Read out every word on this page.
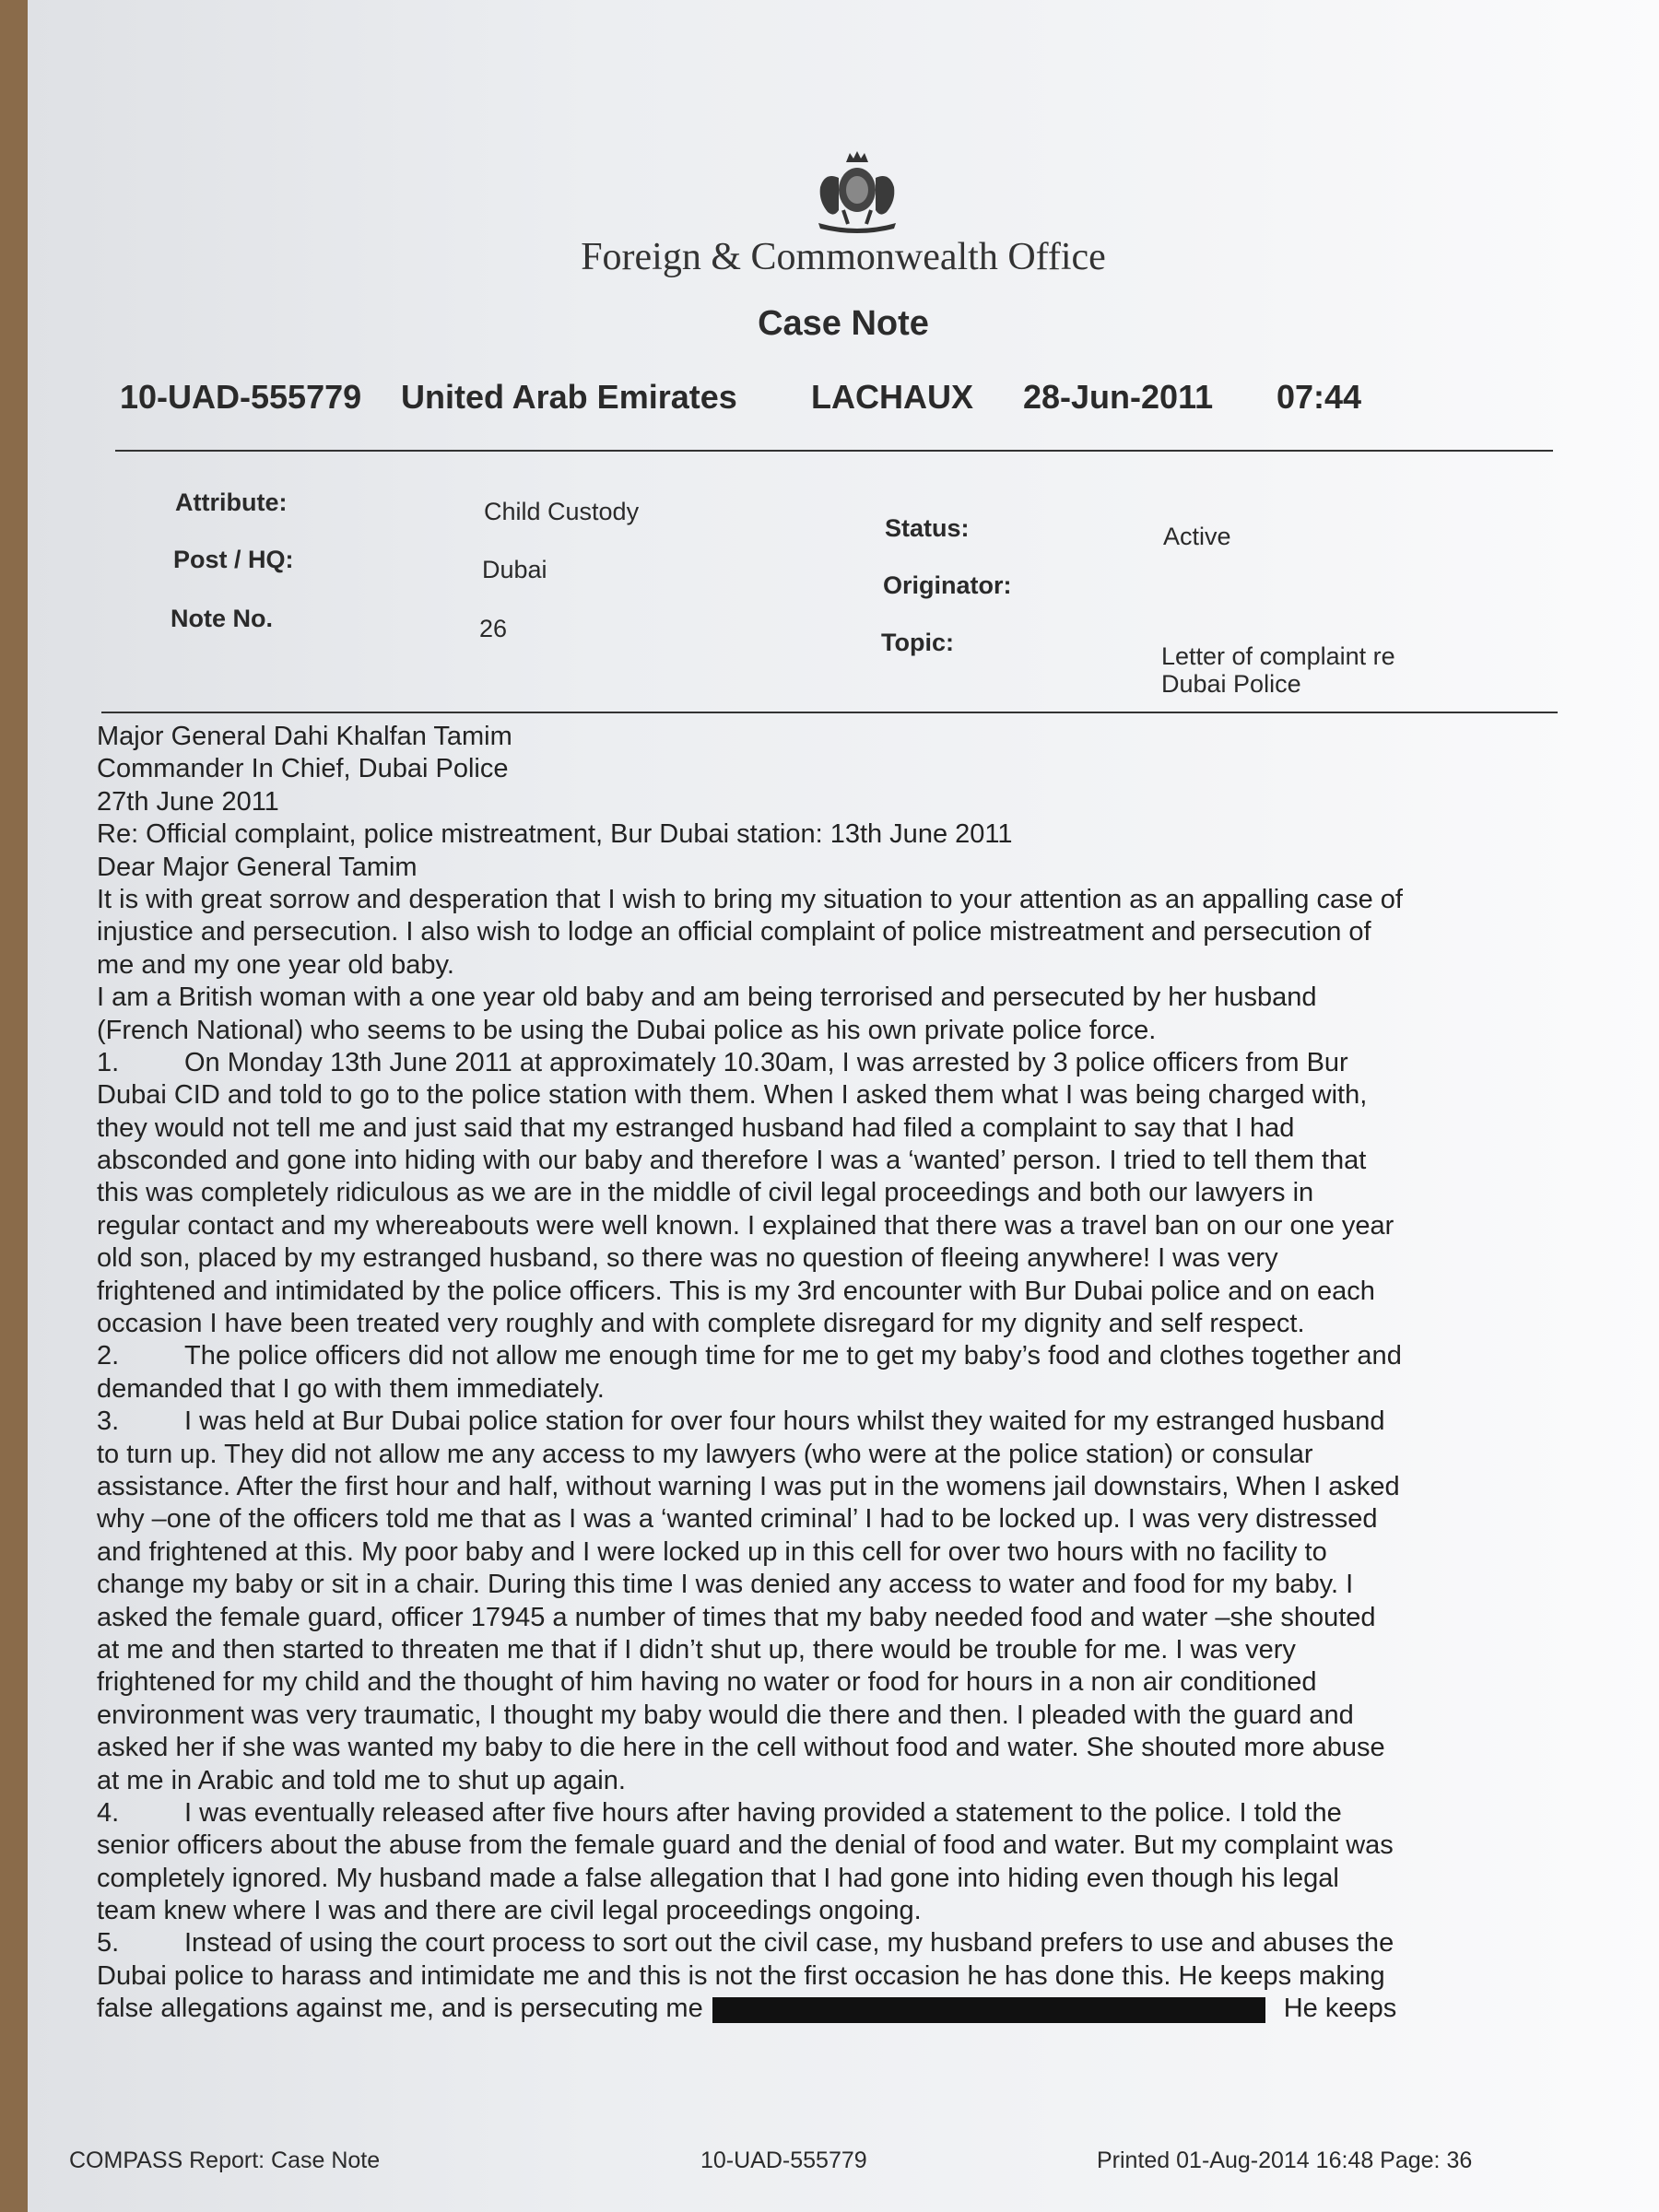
Foreign & Commonwealth Office
Case Note
10-UAD-555779 United Arab Emirates LACHAUX 28-Jun-2011 07:44
Attribute:	Child Custody
Post / HQ:	Dubai
Note No.	26
Status:	Active
Originator:
Topic:	Letter of complaint re
Dubai Police
Major General Dahi Khalfan Tamim
Commander In Chief, Dubai Police
27th June 2011
Re: Official complaint, police mistreatment, Bur Dubai station: 13th June 2011
Dear Major General Tamim
It is with great sorrow and desperation that I wish to bring my situation to your attention as an appalling case of
injustice and persecution. I also wish to lodge an official complaint of police mistreatment and persecution of
me and my one year old baby.
I am a British woman with a one year old baby and am being terrorised and persecuted by her husband
(French National) who seems to be using the Dubai police as his own private police force.
1. On Monday 13th June 2011 at approximately 10.30am, I was arrested by 3 police officers from Bur
Dubai CID and told to go to the police station with them. When I asked them what I was being charged with,
they would not tell me and just said that my estranged husband had filed a complaint to say that I had
absconded and gone into hiding with our baby and therefore I was a ‘wanted’ person. I tried to tell them that
this was completely ridiculous as we are in the middle of civil legal proceedings and both our lawyers in
regular contact and my whereabouts were well known. I explained that there was a travel ban on our one year
old son, placed by my estranged husband, so there was no question of fleeing anywhere! I was very
frightened and intimidated by the police officers. This is my 3rd encounter with Bur Dubai police and on each
occasion I have been treated very roughly and with complete disregard for my dignity and self respect.
2. The police officers did not allow me enough time for me to get my baby’s food and clothes together and
demanded that I go with them immediately.
3. I was held at Bur Dubai police station for over four hours whilst they waited for my estranged husband
to turn up. They did not allow me any access to my lawyers (who were at the police station) or consular
assistance. After the first hour and half, without warning I was put in the womens jail downstairs, When I asked
why –one of the officers told me that as I was a ‘wanted criminal’ I had to be locked up. I was very distressed
and frightened at this. My poor baby and I were locked up in this cell for over two hours with no facility to
change my baby or sit in a chair. During this time I was denied any access to water and food for my baby. I
asked the female guard, officer 17945 a number of times that my baby needed food and water –she shouted
at me and then started to threaten me that if I didn’t shut up, there would be trouble for me. I was very
frightened for my child and the thought of him having no water or food for hours in a non air conditioned
environment was very traumatic, I thought my baby would die there and then. I pleaded with the guard and
asked her if she was wanted my baby to die here in the cell without food and water. She shouted more abuse
at me in Arabic and told me to shut up again.
4. I was eventually released after five hours after having provided a statement to the police. I told the
senior officers about the abuse from the female guard and the denial of food and water. But my complaint was
completely ignored. My husband made a false allegation that I had gone into hiding even though his legal
team knew where I was and there are civil legal proceedings ongoing.
5. Instead of using the court process to sort out the civil case, my husband prefers to use and abuses the
Dubai police to harass and intimidate me and this is not the first occasion he has done this. He keeps making
false allegations against me, and is persecuting me	He keeps
COMPASS Report: Case Note	10-UAD-555779	Printed 01-Aug-2014 16:48 Page: 36
